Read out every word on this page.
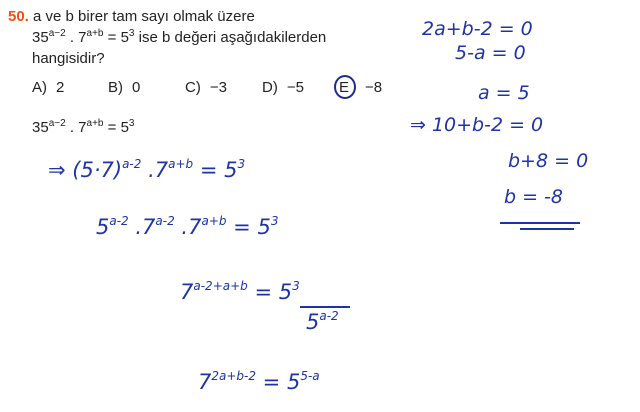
50. a ve b birer tam sayı olmak üzere
$35^{a-2}$ . $7^{a+b} = 5^3$ ise b değeri aşağıdakilerden
hangisidir?
A) 2	B) 0	C) −3 D) −5 E −8
$35^{a-2}$ . $7^{a+b} = 5^3$
⇒ $(5\cdot 7)^{a-2}$ $.7^{a+b} = 5^3$
5$^{a-2}$ .7$^{a-2}$ $.7^{a+b} = 5^3$
$7^{a-2+a+b} = 5^3$
5$^{a-2}$
$7^{2a+b-2} = 5^{5-a}$
2a+b-2 = 0
5-a = 0
a = 5
⇒ 10+b-2 = 0
b+8 = 0
b = -8
